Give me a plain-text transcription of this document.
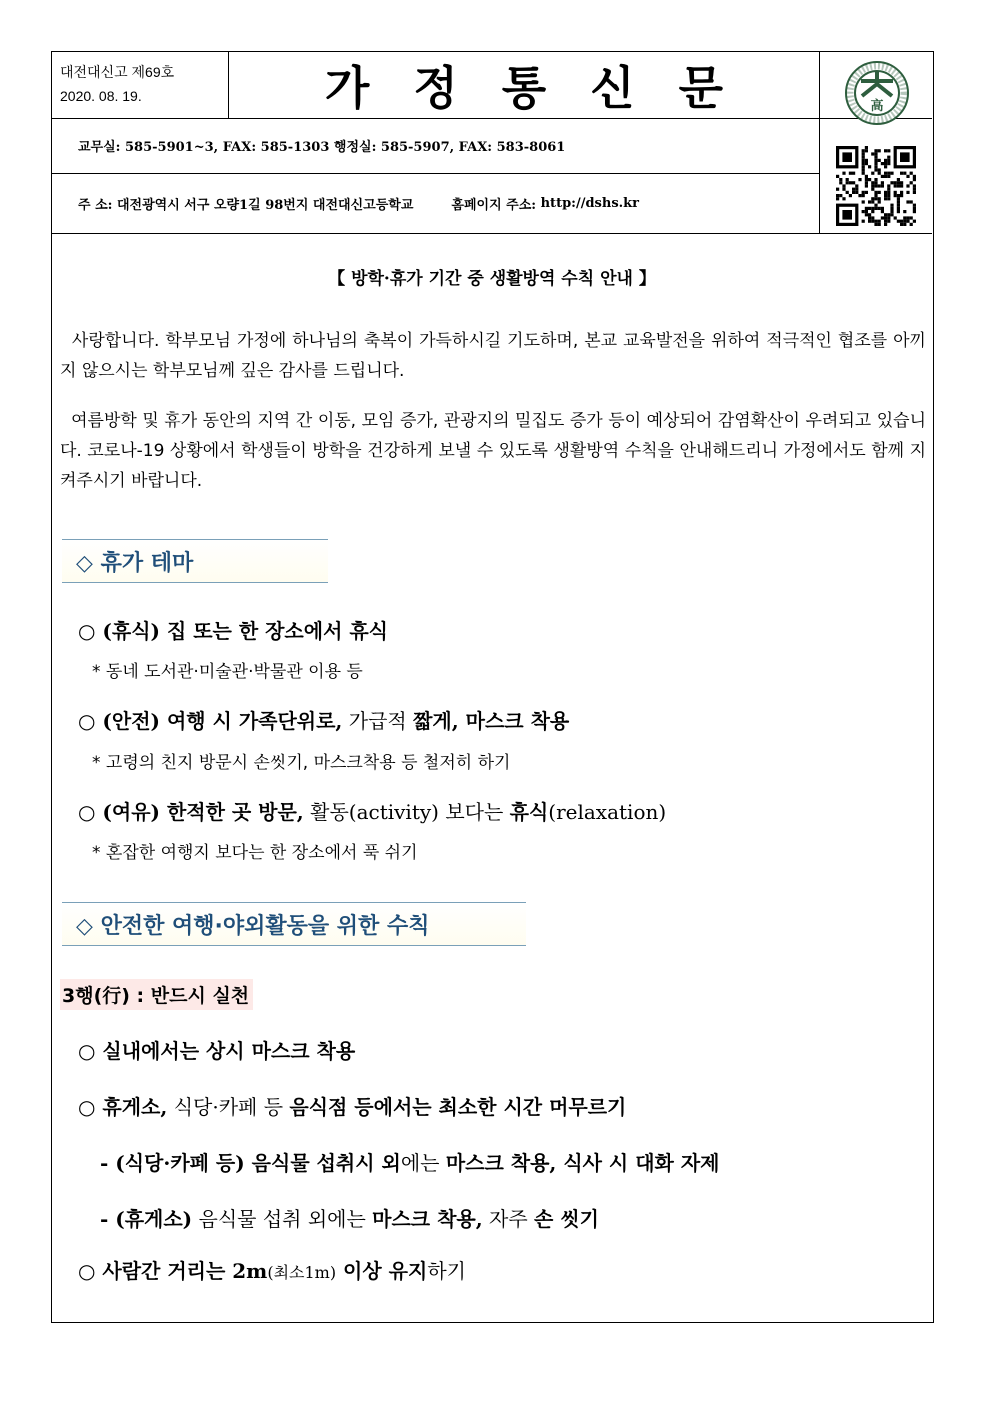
대전대신고 제69호
2020. 08. 19.	가정통신문	高
교무실: 585-5901~3, FAX: 585-1303 행정실: 585-5907, FAX: 583-8061
주 소:
대전광역시 서구 오량1길 98번지 대전대신고등학교	홈페이지 주소:
http://dshs.kr
【 방학·휴가 기간 중 생활방역 수칙 안내 】
사랑합니다. 학부모님 가정에 하나님의 축복이 가득하시길 기도하며, 본교 교육발전을 위하여 적극적인 협조를 아끼지 않으시는 학부모님께 깊은 감사를 드립니다.
여름방학 및 휴가 동안의 지역 간 이동, 모임 증가, 관광지의 밀집도 증가 등이 예상되어 감염확산이 우려되고 있습니다. 코로나-19 상황에서 학생들이 방학을 건강하게 보낼 수 있도록 생활방역 수칙을 안내해드리니 가정에서도 함께 지켜주시기 바랍니다.
◇ 휴가 테마
○ (휴식) 집 또는 한 장소에서 휴식
* 동네 도서관·미술관·박물관 이용 등
○ (안전) 여행 시 가족단위로, 가급적 짧게, 마스크 착용
* 고령의 친지 방문시 손씻기, 마스크착용 등 철저히 하기
○ (여유) 한적한 곳 방문, 활동(activity) 보다는 휴식(relaxation)
* 혼잡한 여행지 보다는 한 장소에서 푹 쉬기
◇ 안전한 여행·야외활동을 위한 수칙
3행(行) : 반드시 실천
○ 실내에서는 상시 마스크 착용
○ 휴게소, 식당·카페 등 음식점 등에서는 최소한 시간 머무르기
- (식당·카페 등) 음식물 섭취시 외에는 마스크 착용, 식사 시 대화 자제
- (휴게소) 음식물 섭취 외에는 마스크 착용, 자주 손 씻기
○ 사람간 거리는 2m(최소1m) 이상 유지하기
